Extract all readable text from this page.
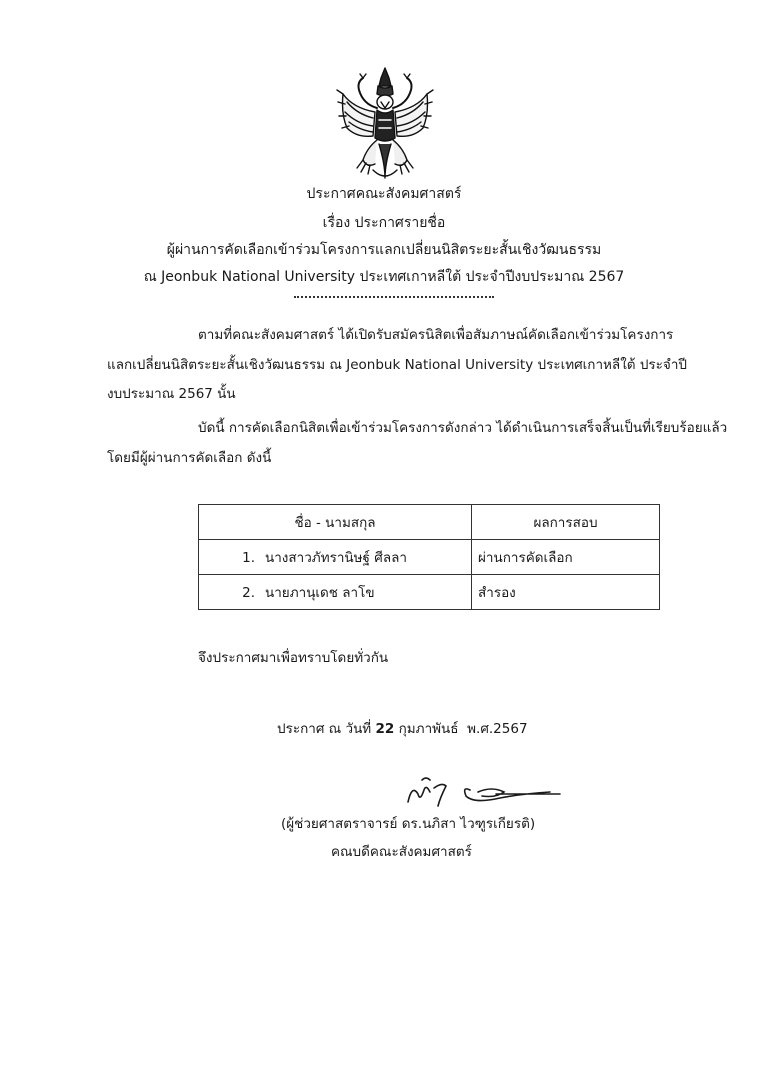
ประกาศคณะสังคมศาสตร์
เรื่อง ประกาศรายชื่อ
ผู้ผ่านการคัดเลือกเข้าร่วมโครงการแลกเปลี่ยนนิสิตระยะสั้นเชิงวัฒนธรรม
ณ Jeonbuk National University ประเทศเกาหลีใต้ ประจำปีงบประมาณ 2567
ตามที่คณะสังคมศาสตร์ ได้เปิดรับสมัครนิสิตเพื่อสัมภาษณ์คัดเลือกเข้าร่วมโครงการ
แลกเปลี่ยนนิสิตระยะสั้นเชิงวัฒนธรรม ณ Jeonbuk National University ประเทศเกาหลีใต้ ประจำปี
งบประมาณ 2567 นั้น
บัดนี้ การคัดเลือกนิสิตเพื่อเข้าร่วมโครงการดังกล่าว ได้ดำเนินการเสร็จสิ้นเป็นที่เรียบร้อยแล้ว
โดยมีผู้ผ่านการคัดเลือก ดังนี้
ชื่อ - นามสกุล	ผลการสอบ
1. นางสาวภัทรานิษฐ์ ศีลลา	ผ่านการคัดเลือก
2. นายภานุเดช ลาโข	สำรอง
จึงประกาศมาเพื่อทราบโดยทั่วกัน
ประกาศ ณ วันที่ 22 กุมภาพันธ์ พ.ศ.2567
(ผู้ช่วยศาสตราจารย์ ดร.นภิสา ไวฑูรเกียรติ)
คณบดีคณะสังคมศาสตร์
